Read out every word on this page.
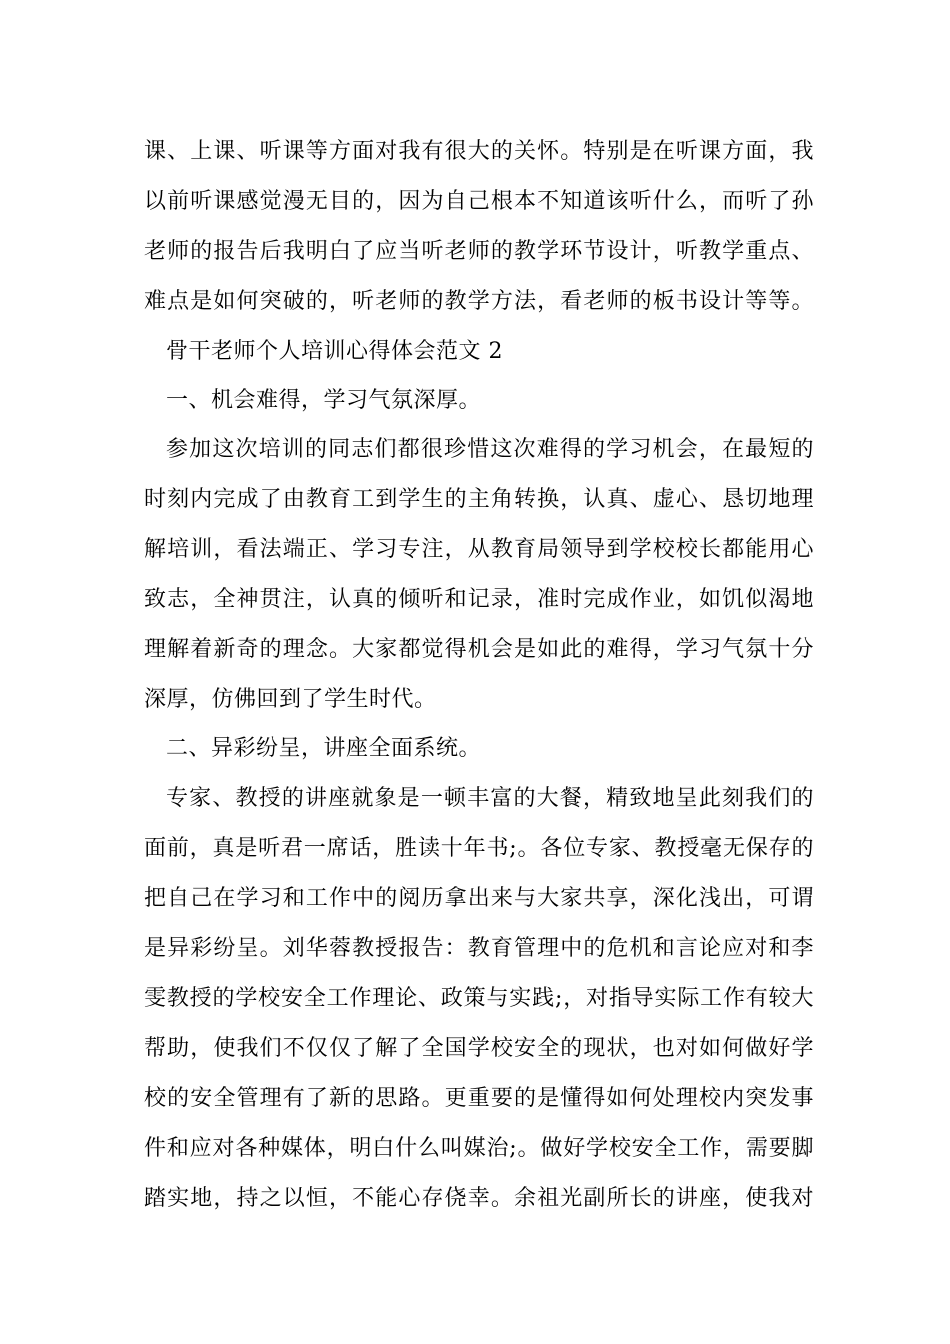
课、上课、听课等方面对我有很大的关怀。特别是在听课方面，我
以前听课感觉漫无目的，因为自己根本不知道该听什么，而听了孙
老师的报告后我明白了应当听老师的教学环节设计，听教学重点、
难点是如何突破的，听老师的教学方法，看老师的板书设计等等。
骨干老师个人培训心得体会范文 2
一、机会难得，学习气氛深厚。
参加这次培训的同志们都很珍惜这次难得的学习机会，在最短的
时刻内完成了由教育工到学生的主角转换，认真、虚心、恳切地理
解培训，看法端正、学习专注，从教育局领导到学校校长都能用心
致志，全神贯注，认真的倾听和记录，准时完成作业，如饥似渴地
理解着新奇的理念。大家都觉得机会是如此的难得，学习气氛十分
深厚，仿佛回到了学生时代。
二、异彩纷呈，讲座全面系统。
专家、教授的讲座就象是一顿丰富的大餐，精致地呈此刻我们的
面前，真是听君一席话，胜读十年书;。各位专家、教授毫无保存的
把自己在学习和工作中的阅历拿出来与大家共享，深化浅出，可谓
是异彩纷呈。刘华蓉教授报告：教育管理中的危机和言论应对和李
雯教授的学校安全工作理论、政策与实践;，对指导实际工作有较大
帮助，使我们不仅仅了解了全国学校安全的现状，也对如何做好学
校的安全管理有了新的思路。更重要的是懂得如何处理校内突发事
件和应对各种媒体，明白什么叫媒治;。做好学校安全工作，需要脚
踏实地，持之以恒，不能心存侥幸。余祖光副所长的讲座，使我对
